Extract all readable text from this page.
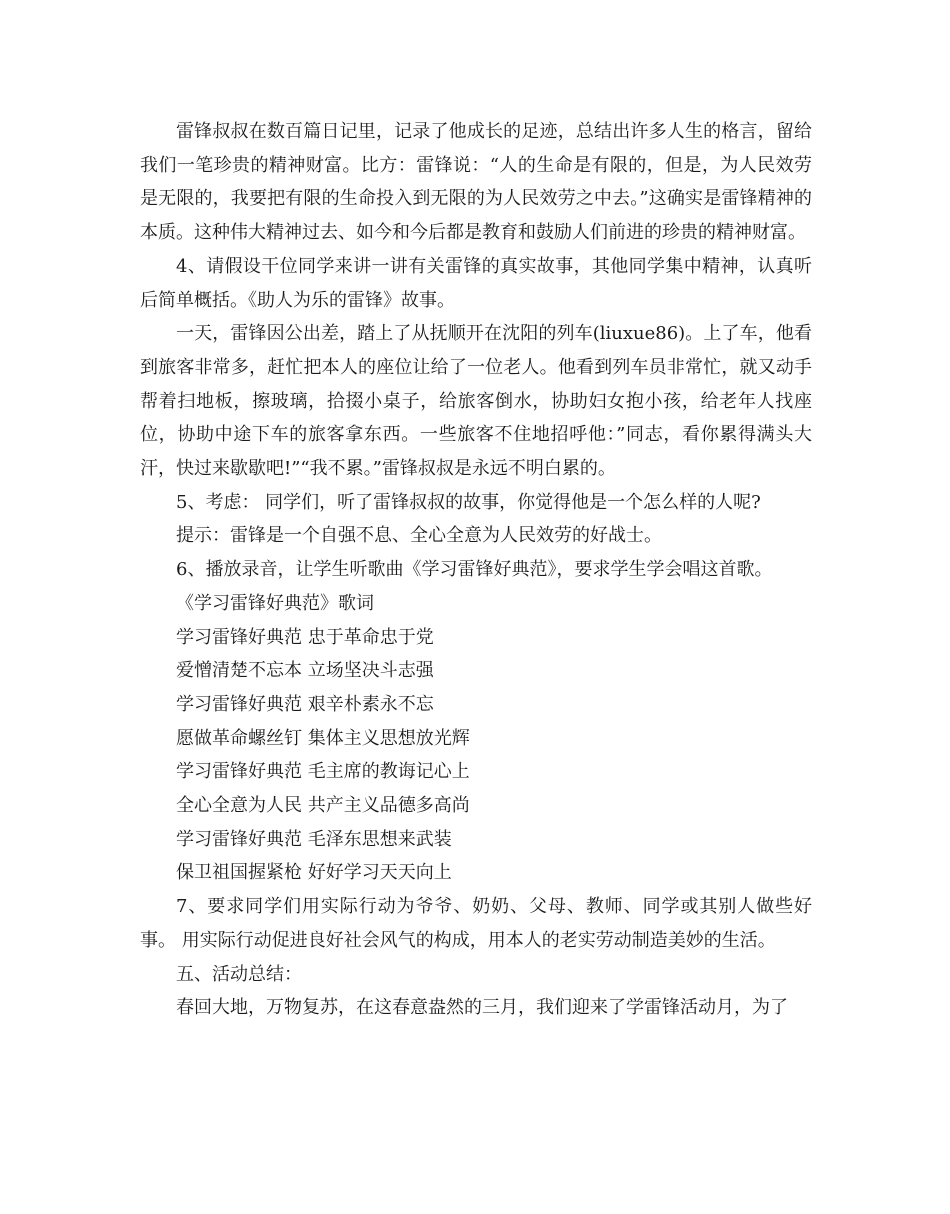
雷锋叔叔在数百篇日记里，记录了他成长的足迹，总结出许多人生的格言，留给我们一笔珍贵的精神财富。比方：雷锋说：“人的生命是有限的，但是，为人民效劳是无限的，我要把有限的生命投入到无限的为人民效劳之中去。”这确实是雷锋精神的本质。这种伟大精神过去、如今和今后都是教育和鼓励人们前进的珍贵的精神财富。

4、请假设干位同学来讲一讲有关雷锋的真实故事，其他同学集中精神，认真听后简单概括。《助人为乐的雷锋》故事。

一天，雷锋因公出差，踏上了从抚顺开在沈阳的列车(liuxue86)。上了车，他看到旅客非常多，赶忙把本人的座位让给了一位老人。他看到列车员非常忙，就又动手帮着扫地板，擦玻璃，拾掇小桌子，给旅客倒水，协助妇女抱小孩，给老年人找座位，协助中途下车的旅客拿东西。一些旅客不住地招呼他：”同志，看你累得满头大汗，快过来歇歇吧!”“我不累。”雷锋叔叔是永远不明白累的。

5、考虑： 同学们，听了雷锋叔叔的故事，你觉得他是一个怎么样的人呢?

提示：雷锋是一个自强不息、全心全意为人民效劳的好战士。

6、播放录音，让学生听歌曲《学习雷锋好典范》，要求学生学会唱这首歌。

《学习雷锋好典范》歌词

学习雷锋好典范 忠于革命忠于党

爱憎清楚不忘本 立场坚决斗志强

学习雷锋好典范 艰辛朴素永不忘

愿做革命螺丝钉 集体主义思想放光辉

学习雷锋好典范 毛主席的教诲记心上

全心全意为人民 共产主义品德多高尚

学习雷锋好典范 毛泽东思想来武装

保卫祖国握紧枪 好好学习天天向上

7、要求同学们用实际行动为爷爷、奶奶、父母、教师、同学或其别人做些好事。 用实际行动促进良好社会风气的构成，用本人的老实劳动制造美妙的生活。

五、活动总结：

春回大地，万物复苏，在这春意盎然的三月，我们迎来了学雷锋活动月，为了
